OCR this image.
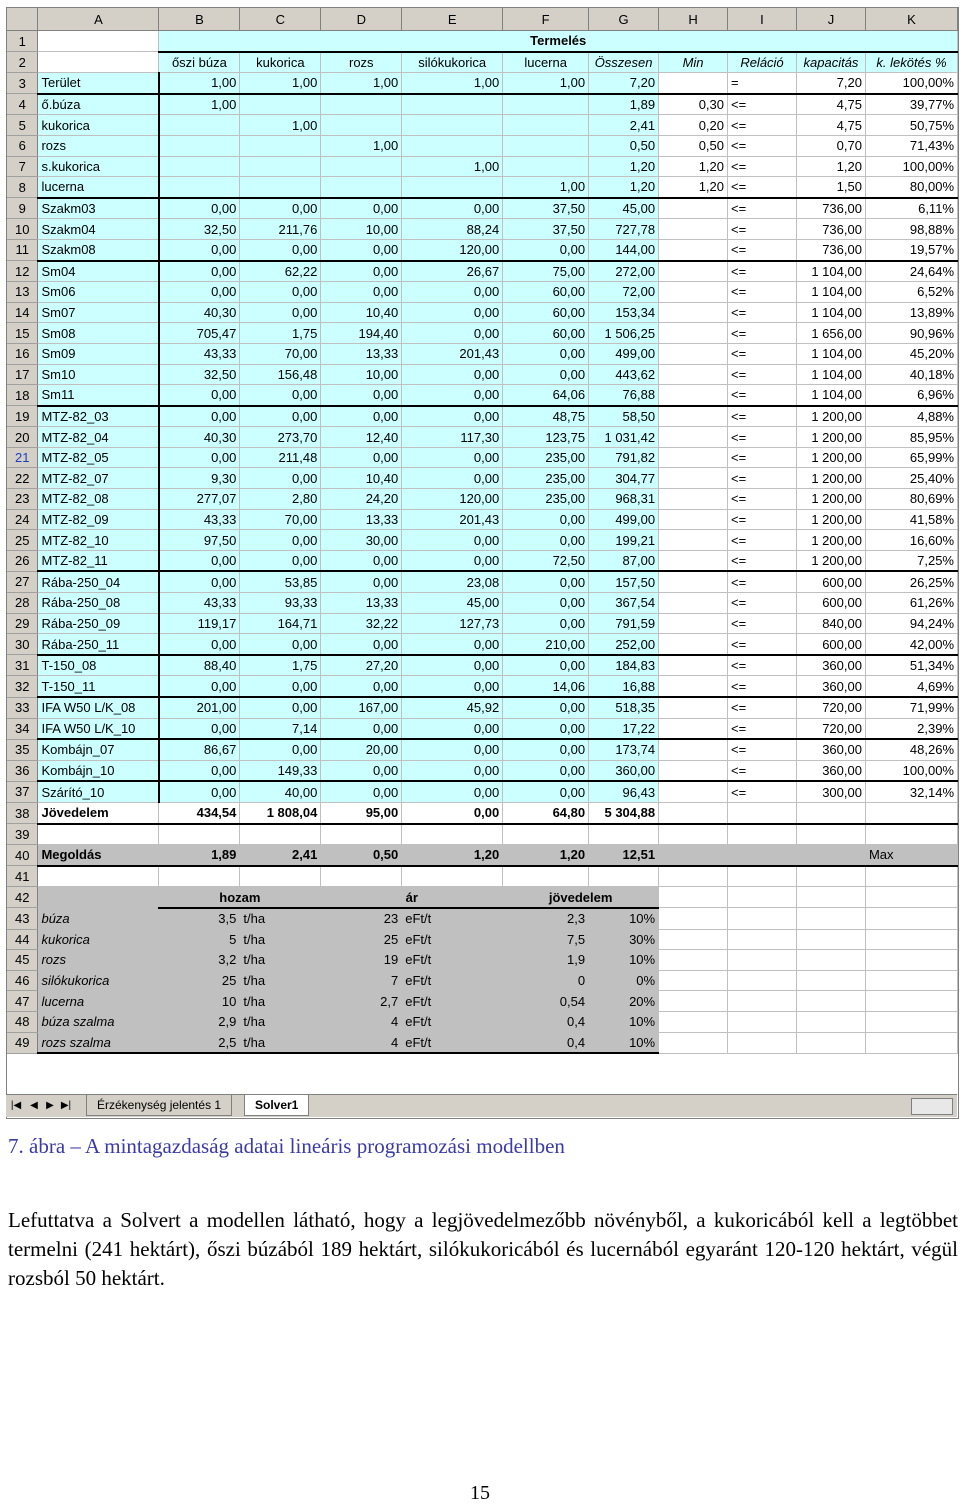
	A	B	C	D	E	F	G	H	I	J	K
1		Termelés									
2		őszi búza	kukorica	rozs	silókukorica	lucerna	Összesen	Min	Reláció	kapacitás	k. lekötés %
3	Terület	1,00	1,00	1,00	1,00	1,00	7,20		=	7,20	100,00%
4	ő.búza	1,00					1,89	0,30	<=	4,75	39,77%
5	kukorica		1,00				2,41	0,20	<=	4,75	50,75%
6	rozs			1,00			0,50	0,50	<=	0,70	71,43%
7	s.kukorica				1,00		1,20	1,20	<=	1,20	100,00%
8	lucerna					1,00	1,20	1,20	<=	1,50	80,00%
9	Szakm03	0,00	0,00	0,00	0,00	37,50	45,00		<=	736,00	6,11%
10	Szakm04	32,50	211,76	10,00	88,24	37,50	727,78		<=	736,00	98,88%
11	Szakm08	0,00	0,00	0,00	120,00	0,00	144,00		<=	736,00	19,57%
12	Sm04	0,00	62,22	0,00	26,67	75,00	272,00		<=	1 104,00	24,64%
13	Sm06	0,00	0,00	0,00	0,00	60,00	72,00		<=	1 104,00	6,52%
14	Sm07	40,30	0,00	10,40	0,00	60,00	153,34		<=	1 104,00	13,89%
15	Sm08	705,47	1,75	194,40	0,00	60,00	1 506,25		<=	1 656,00	90,96%
16	Sm09	43,33	70,00	13,33	201,43	0,00	499,00		<=	1 104,00	45,20%
17	Sm10	32,50	156,48	10,00	0,00	0,00	443,62		<=	1 104,00	40,18%
18	Sm11	0,00	0,00	0,00	0,00	64,06	76,88		<=	1 104,00	6,96%
19	MTZ-82_03	0,00	0,00	0,00	0,00	48,75	58,50		<=	1 200,00	4,88%
20	MTZ-82_04	40,30	273,70	12,40	117,30	123,75	1 031,42		<=	1 200,00	85,95%
21	MTZ-82_05	0,00	211,48	0,00	0,00	235,00	791,82		<=	1 200,00	65,99%
22	MTZ-82_07	9,30	0,00	10,40	0,00	235,00	304,77		<=	1 200,00	25,40%
23	MTZ-82_08	277,07	2,80	24,20	120,00	235,00	968,31		<=	1 200,00	80,69%
24	MTZ-82_09	43,33	70,00	13,33	201,43	0,00	499,00		<=	1 200,00	41,58%
25	MTZ-82_10	97,50	0,00	30,00	0,00	0,00	199,21		<=	1 200,00	16,60%
26	MTZ-82_11	0,00	0,00	0,00	0,00	72,50	87,00		<=	1 200,00	7,25%
27	Rába-250_04	0,00	53,85	0,00	23,08	0,00	157,50		<=	600,00	26,25%
28	Rába-250_08	43,33	93,33	13,33	45,00	0,00	367,54		<=	600,00	61,26%
29	Rába-250_09	119,17	164,71	32,22	127,73	0,00	791,59		<=	840,00	94,24%
30	Rába-250_11	0,00	0,00	0,00	0,00	210,00	252,00		<=	600,00	42,00%
31	T-150_08	88,40	1,75	27,20	0,00	0,00	184,83		<=	360,00	51,34%
32	T-150_11	0,00	0,00	0,00	0,00	14,06	16,88		<=	360,00	4,69%
33	IFA W50 L/K_08	201,00	0,00	167,00	45,92	0,00	518,35		<=	720,00	71,99%
34	IFA W50 L/K_10	0,00	7,14	0,00	0,00	0,00	17,22		<=	720,00	2,39%
35	Kombájn_07	86,67	0,00	20,00	0,00	0,00	173,74		<=	360,00	48,26%
36	Kombájn_10	0,00	149,33	0,00	0,00	0,00	360,00		<=	360,00	100,00%
37	Szárító_10	0,00	40,00	0,00	0,00	0,00	96,43		<=	300,00	32,14%
38	Jövedelem	434,54	1 808,04	95,00	0,00	64,80	5 304,88				
39											
40	Megoldás	1,89	2,41	0,50	1,20	1,20	12,51				Max
41											
42		hozam		ár		jövedelem					
43	búza	3,5	t/ha	23	eFt/t	2,3	10%				
44	kukorica	5	t/ha	25	eFt/t	7,5	30%				
45	rozs	3,2	t/ha	19	eFt/t	1,9	10%				
46	silókukorica	25	t/ha	7	eFt/t	0	0%				
47	lucerna	10	t/ha	2,7	eFt/t	0,54	20%				
48	búza szalma	2,9	t/ha	4	eFt/t	0,4	10%				
49	rozs szalma	2,5	t/ha	4	eFt/t	0,4	10%				
|◀ ◀ ▶ ▶|	Érzékenység jelentés 1	Solver1
7. ábra – A mintagazdaság adatai lineáris programozási modellben
Lefuttatva a Solvert a modellen látható, hogy a legjövedelmezőbb növényből, a kukoricából kell a legtöbbet termelni (241 hektárt), őszi búzából 189 hektárt, silókukoricából és lucernából egyaránt 120-120 hektárt, végül rozsból 50 hektárt.
15
